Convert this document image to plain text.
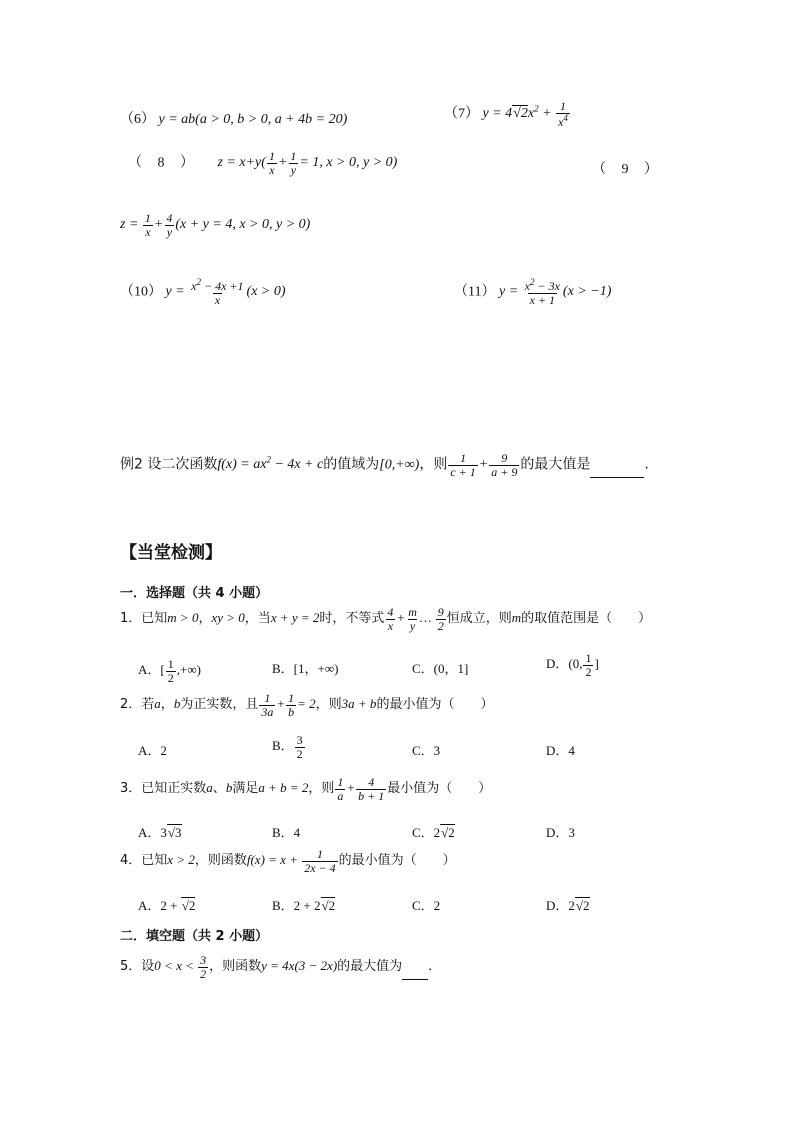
（6） y = ab(a > 0, b > 0, a + 4b = 20)	（7） $y = 4√2x^2 + \frac{1}{x^4}$
（ 8 ） $z = x+y( \frac{1}{x} + \frac{1}{y} = 1$, x > 0, y > 0)	（ 9 ）
$z = \frac{1}{x} + \frac{4}{y} (x + y = 4$, x > 0, y > 0)
（10） $y = \frac{x^2 - 4x +1}{x} (x > 0)$	（11） $y = \frac{x^2 - 3x}{x + 1} (x > -1)$
例2 设二次函数$f(x) = ax^2 - 4x + c$的值域为[0,+∞)，则 $\frac{1}{c + 1} + \frac{9}{a + 9}$ 的最大值是	.
【当堂检测】
一．选择题（共 4 小题）
1．已知m > 0，xy > 0，当x + y = 2时，不等式 $\frac{4}{x} + \frac{m}{y}$ … $\frac{9}{2}$ 恒成立，则m的取值范围是（　　）
A．[ $\frac{1}{2}$ ,+∞)	B．[1，+∞)	C．(0，1]	D．(0, $\frac{1}{2}$ ]
2．若a，b为正实数，且 $\frac{1}{3a} + \frac{1}{b} = 2$，则3a + b的最小值为（　　）
A．2	B． $\frac{3}{2}$	C．3	D．4
3．已知正实数a、b满足a + b = 2，则 $\frac{1}{a} + \frac{4}{b + 1}$ 最小值为（　　）
A．3√3	B．4	C．2√2	D．3
4．已知x > 2，则函数$f(x) = x + \frac{1}{2x - 4}$ 的最小值为（　　）
A．2 + √2	B．2 + 2√2	C．2	D．2√2
二．填空题（共 2 小题）
5．设$0 < x < \frac{3}{2}$ ，则函数y = 4x(3 − 2x)的最大值为 ．
